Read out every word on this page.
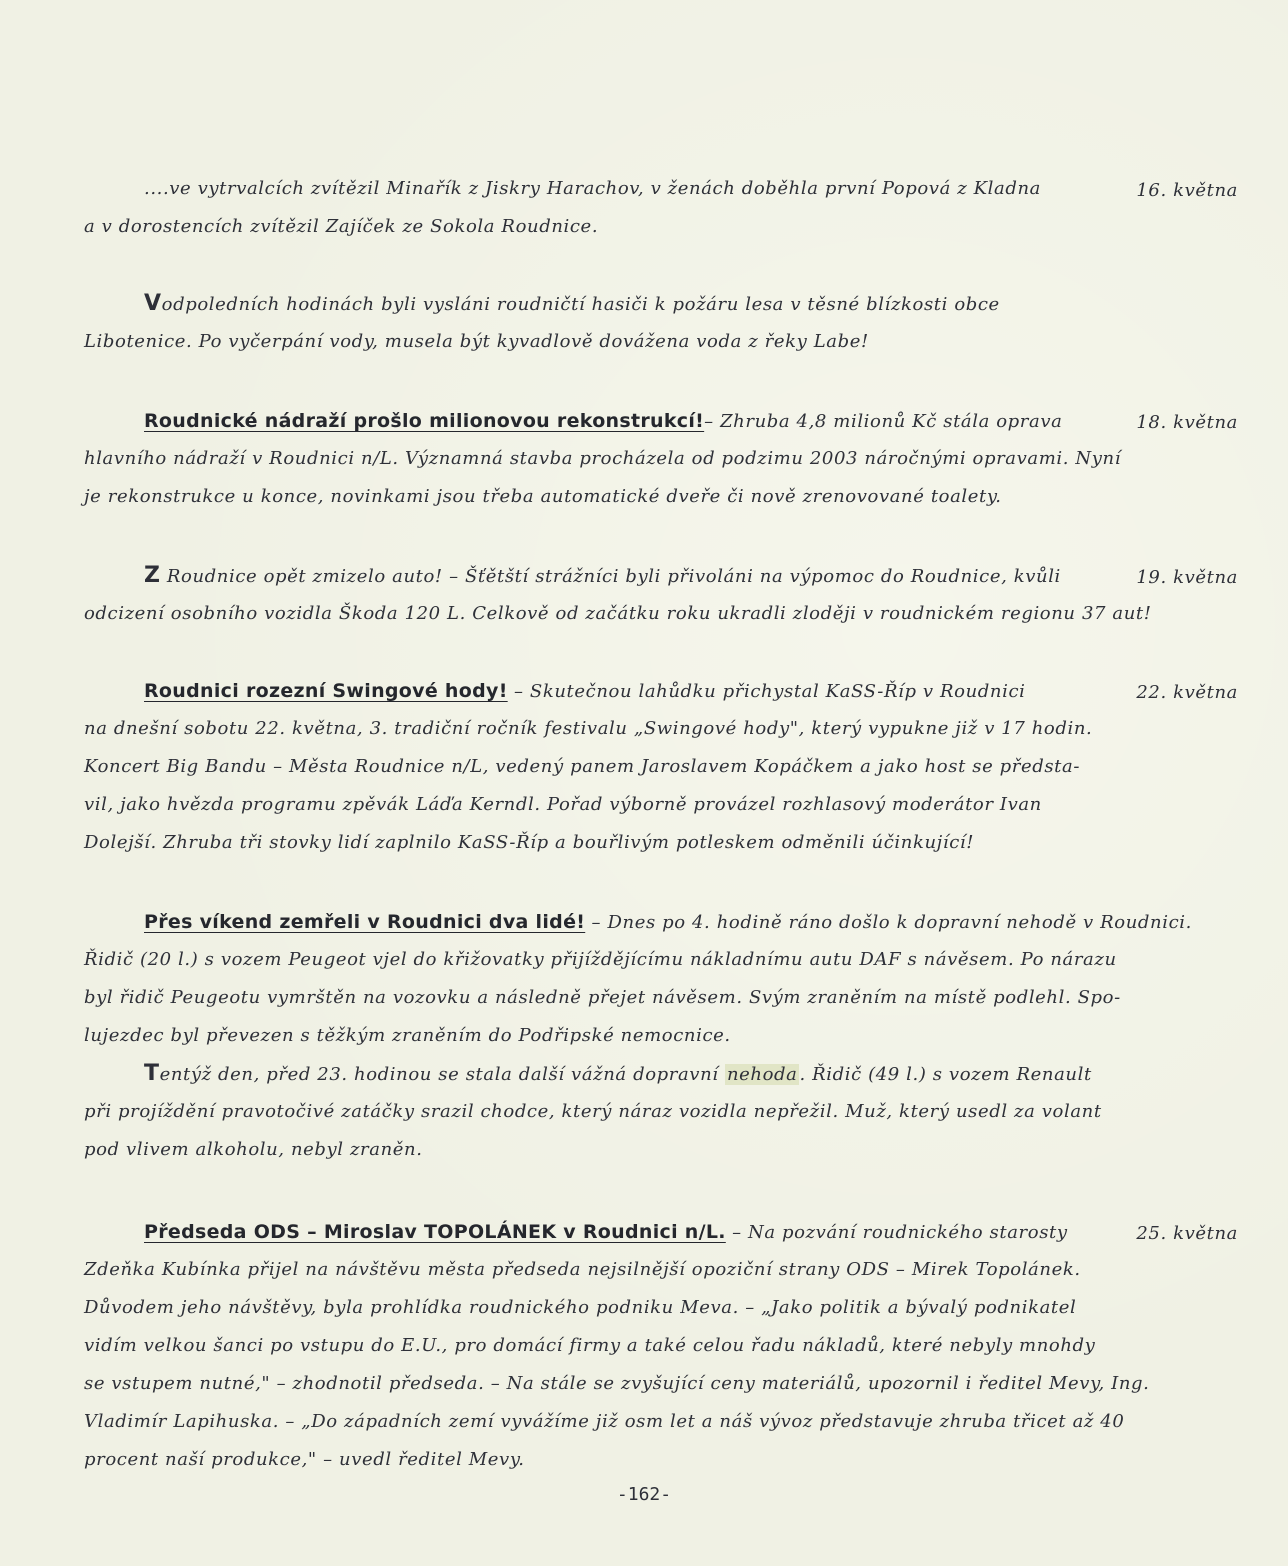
....ve vytrvalcích zvítězil Minařík z Jiskry Harachov, v ženách doběhla první Popová z Kladna
a v dorostencích zvítězil Zajíček ze Sokola Roudnice.
16. května
Vodpoledních hodinách byli vysláni roudničtí hasiči k požáru lesa v těsné blízkosti obce
Libotenice. Po vyčerpání vody, musela být kyvadlově dovážena voda z řeky Labe!
Roudnické nádraží prošlo milionovou rekonstrukcí!– Zhruba 4,8 milionů Kč stála oprava
hlavního nádraží v Roudnici n/L. Významná stavba procházela od podzimu 2003 náročnými opravami. Nyní
je rekonstrukce u konce, novinkami jsou třeba automatické dveře či nově zrenovované toalety.
18. května
Z Roudnice opět zmizelo auto! – Šťětští strážníci byli přivoláni na výpomoc do Roudnice, kvůli
odcizení osobního vozidla Škoda 120 L. Celkově od začátku roku ukradli zloději v roudnickém regionu 37 aut!
19. května
Roudnici rozezní Swingové hody! – Skutečnou lahůdku přichystal KaSS-Říp v Roudnici
na dnešní sobotu 22. května, 3. tradiční ročník festivalu „Swingové hody", který vypukne již v 17 hodin.
Koncert Big Bandu – Města Roudnice n/L, vedený panem Jaroslavem Kopáčkem a jako host se předsta-
vil, jako hvězda programu zpěvák Láďa Kerndl. Pořad výborně provázel rozhlasový moderátor Ivan
Dolejší. Zhruba tři stovky lidí zaplnilo KaSS-Říp a bouřlivým potleskem odměnili účinkující!
22. května
Přes víkend zemřeli v Roudnici dva lidé! – Dnes po 4. hodině ráno došlo k dopravní nehodě v Roudnici.
Řidič (20 l.) s vozem Peugeot vjel do křižovatky přijíždějícímu nákladnímu autu DAF s návěsem. Po nárazu
byl řidič Peugeotu vymrštěn na vozovku a následně přejet návěsem. Svým zraněním na místě podlehl. Spo-
lujezdec byl převezen s těžkým zraněním do Podřipské nemocnice.
Tentýž den, před 23. hodinou se stala další vážná dopravní nehoda . Řidič (49 l.) s vozem Renault
při projíždění pravotočivé zatáčky srazil chodce, který náraz vozidla nepřežil. Muž, který usedl za volant
pod vlivem alkoholu, nebyl zraněn.
Předseda ODS – Miroslav TOPOLÁNEK v Roudnici n/L. – Na pozvání roudnického starosty
Zdeňka Kubínka přijel na návštěvu města předseda nejsilnější opoziční strany ODS – Mirek Topolánek.
Důvodem jeho návštěvy, byla prohlídka roudnického podniku Meva. – „Jako politik a bývalý podnikatel
vidím velkou šanci po vstupu do E.U., pro domácí firmy a také celou řadu nákladů, které nebyly mnohdy
se vstupem nutné," – zhodnotil předseda. – Na stále se zvyšující ceny materiálů, upozornil i ředitel Mevy, Ing.
Vladimír Lapihuska. – „Do západních zemí vyvážíme již osm let a náš vývoz představuje zhruba třicet až 40
procent naší produkce," – uvedl ředitel Mevy.
25. května
-162-
